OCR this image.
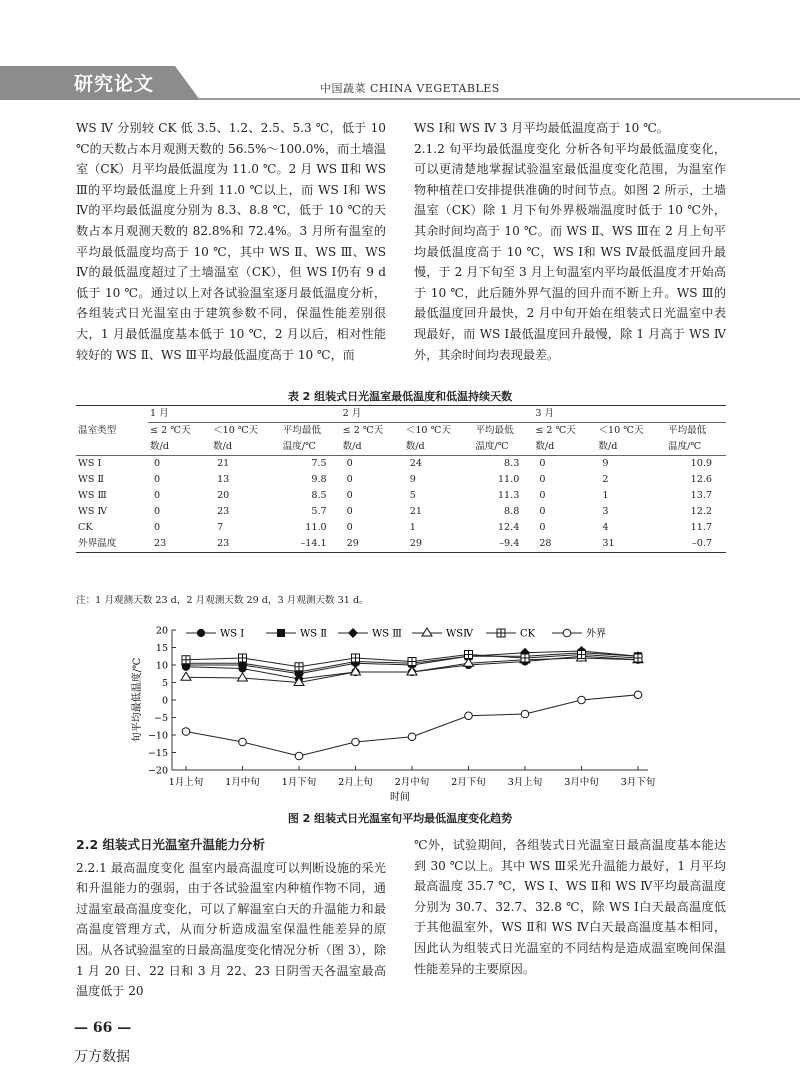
研究论文	中国蔬菜 CHINA VEGETABLES

WS Ⅳ 分别较 CK 低 3.5、1.2、2.5、5.3 ℃，低于 10 ℃的天数占本月观测天数的 56.5%～100.0%，而土墙温室（CK）月平均最低温度为 11.0 ℃。2 月 WS Ⅱ和 WS Ⅲ的平均最低温度上升到 11.0 ℃以上，而 WS Ⅰ和 WS Ⅳ的平均最低温度分别为 8.3、8.8 ℃，低于 10 ℃的天数占本月观测天数的 82.8%和 72.4%。3 月所有温室的平均最低温度均高于 10 ℃，其中 WS Ⅱ、WS Ⅲ、WS Ⅳ的最低温度超过了土墙温室（CK），但 WS Ⅰ仍有 9 d 低于 10 ℃。通过以上对各试验温室逐月最低温度分析，各组装式日光温室由于建筑参数不同，保温性能差别很大，1 月最低温度基本低于 10 ℃，2 月以后，相对性能较好的 WS Ⅱ、WS Ⅲ平均最低温度高于 10 ℃，而

WS Ⅰ和 WS Ⅳ 3 月平均最低温度高于 10 ℃。

2.1.2 旬平均最低温度变化 分析各旬平均最低温度变化，可以更清楚地掌握试验温室最低温度变化范围，为温室作物种植茬口安排提供准确的时间节点。如图 2 所示，土墙温室（CK）除 1 月下旬外界极端温度时低于 10 ℃外，其余时间均高于 10 ℃。而 WS Ⅱ、WS Ⅲ在 2 月上旬平均最低温度高于 10 ℃，WS Ⅰ和 WS Ⅳ最低温度回升最慢，于 2 月下旬至 3 月上旬温室内平均最低温度才开始高于 10 ℃，此后随外界气温的回升而不断上升。WS Ⅲ的最低温度回升最快，2 月中旬开始在组装式日光温室中表现最好，而 WS Ⅰ最低温度回升最慢，除 1 月高于 WS Ⅳ外，其余时间均表现最差。

表 2 组装式日光温室最低温度和低温持续天数
	1 月			2 月			3 月		
温室类型	≤ 2 ℃天	＜10 ℃天	平均最低	≤ 2 ℃天	＜10 ℃天	平均最低	≤ 2 ℃天	＜10 ℃天	平均最低
	数/d	数/d	温度/℃	数/d	数/d	温度/℃	数/d	数/d	温度/℃
WS Ⅰ	0	21	7.5	0	24	8.3	0	9	10.9
WS Ⅱ	0	13	9.8	0	9	11.0	0	2	12.6
WS Ⅲ	0	20	8.5	0	5	11.3	0	1	13.7
WS Ⅳ	0	23	5.7	0	21	8.8	0	3	12.2
CK	0	7	11.0	0	1	12.4	0	4	11.7
外界温度	23	23	–14.1	29	29	–9.4	28	31	–0.7
注：1 月观测天数 23 d，2 月观测天数 29 d，3 月观测天数 31 d。
20
15
10
5
0
−5
−10
−15
−20
1月上旬 1月中旬 1月下旬 2月上旬 2月中旬 2月下旬 3月上旬 3月中旬 3月下旬
时间
旬平均最低温度/℃
WS Ⅰ	WS Ⅱ	WS Ⅲ	WSⅣ	CK	外界
图 2 组装式日光温室旬平均最低温度变化趋势

2.2 组装式日光温室升温能力分析

2.2.1 最高温度变化 温室内最高温度可以判断设施的采光和升温能力的强弱，由于各试验温室内种植作物不同，通过温室最高温度变化，可以了解温室白天的升温能力和最高温度管理方式，从而分析造成温室保温性能差异的原因。从各试验温室的日最高温度变化情况分析（图 3），除 1 月 20 日、22 日和 3 月 22、23 日阴雪天各温室最高温度低于 20

℃外，试验期间，各组装式日光温室日最高温度基本能达到 30 ℃以上。其中 WS Ⅲ采光升温能力最好，1 月平均最高温度 35.7 ℃，WS Ⅰ、WS Ⅱ和 WS Ⅳ平均最高温度分别为 30.7、32.7、32.8 ℃，除 WS Ⅰ白天最高温度低于其他温室外，WS Ⅱ和 WS Ⅳ白天最高温度基本相同，因此认为组装式日光温室的不同结构是造成温室晚间保温性能差异的主要原因。

— 66 —
万方数据
